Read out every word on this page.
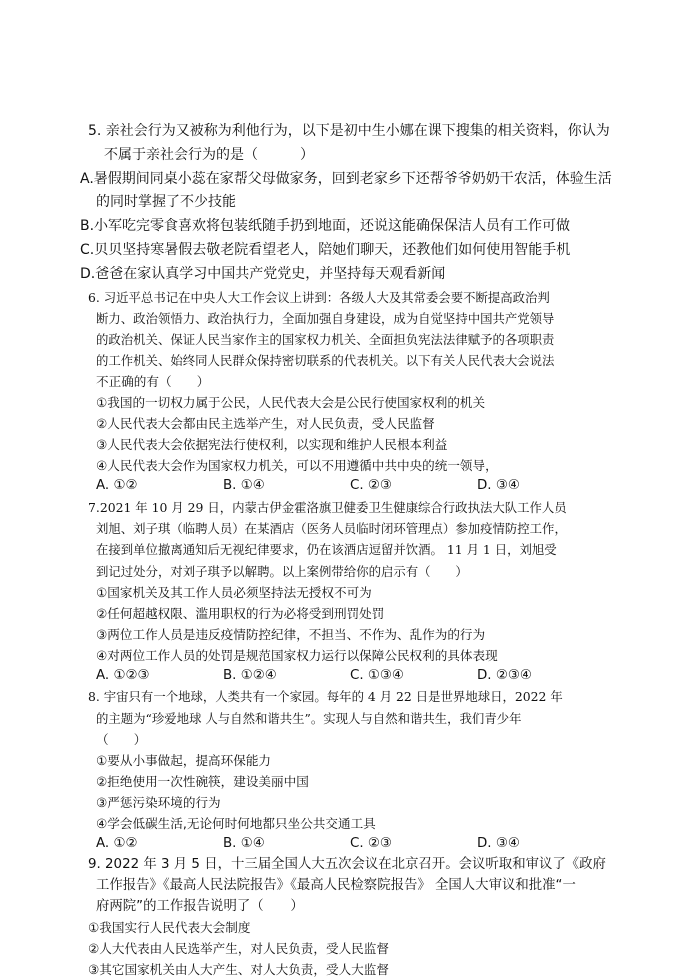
5. 亲社会行为又被称为利他行为，以下是初中生小娜在课下搜集的相关资料，你认为
不属于亲社会行为的是（　　　）
A.暑假期间同桌小蕊在家帮父母做家务，回到老家乡下还帮爷爷奶奶干农活，体验生活
的同时掌握了不少技能
B.小军吃完零食喜欢将包装纸随手扔到地面，还说这能确保保洁人员有工作可做
C.贝贝坚持寒暑假去敬老院看望老人，陪她们聊天，还教他们如何使用智能手机
D.爸爸在家认真学习中国共产党党史，并坚持每天观看新闻
6. 习近平总书记在中央人大工作会议上讲到：各级人大及其常委会要不断提高政治判
断力、政治领悟力、政治执行力，全面加强自身建设，成为自觉坚持中国共产党领导
的政治机关、保证人民当家作主的国家权力机关、全面担负宪法法律赋予的各项职责
的工作机关、始终同人民群众保持密切联系的代表机关。以下有关人民代表大会说法
不正确的有（　　）
①我国的一切权力属于公民，人民代表大会是公民行使国家权利的机关
②人民代表大会都由民主选举产生，对人民负责，受人民监督
③人民代表大会依据宪法行使权利，以实现和维护人民根本利益
④人民代表大会作为国家权力机关，可以不用遵循中共中央的统一领导，
A. ①②	B. ①④	C. ②③	D. ③④
7.2021 年 10 月 29 日，内蒙古伊金霍洛旗卫健委卫生健康综合行政执法大队工作人员
刘旭、刘子琪（临聘人员）在某酒店（医务人员临时闭环管理点）参加疫情防控工作，
在接到单位撤离通知后无视纪律要求，仍在该酒店逗留并饮酒。 11 月 1 日，刘旭受
到记过处分，对刘子琪予以解聘。以上案例带给你的启示有（　　）
①国家机关及其工作人员必须坚持法无授权不可为
②任何超越权限、滥用职权的行为必将受到刑罚处罚
③两位工作人员是违反疫情防控纪律，不担当、不作为、乱作为的行为
④对两位工作人员的处罚是规范国家权力运行以保障公民权利的具体表现
A. ①②③	B. ①②④	C. ①③④	D. ②③④
8. 宇宙只有一个地球，人类共有一个家园。每年的 4 月 22 日是世界地球日，2022 年
的主题为“珍爱地球 人与自然和谐共生”。实现人与自然和谐共生，我们青少年
（　　）
①要从小事做起，提高环保能力
②拒绝使用一次性碗筷，建设美丽中国
③严惩污染环境的行为
④学会低碳生活,无论何时何地都只坐公共交通工具
A. ①②	B. ①④	C. ②③	D. ③④
9. 2022 年 3 月 5 日，十三届全国人大五次会议在北京召开。会议听取和审议了《政府
工作报告》《最高人民法院报告》《最高人民检察院报告》 全国人大审议和批准“一
府两院”的工作报告说明了（　　）
①我国实行人民代表大会制度
②人大代表由人民选举产生，对人民负责，受人民监督
③其它国家机关由人大产生、对人大负责，受人大监督
